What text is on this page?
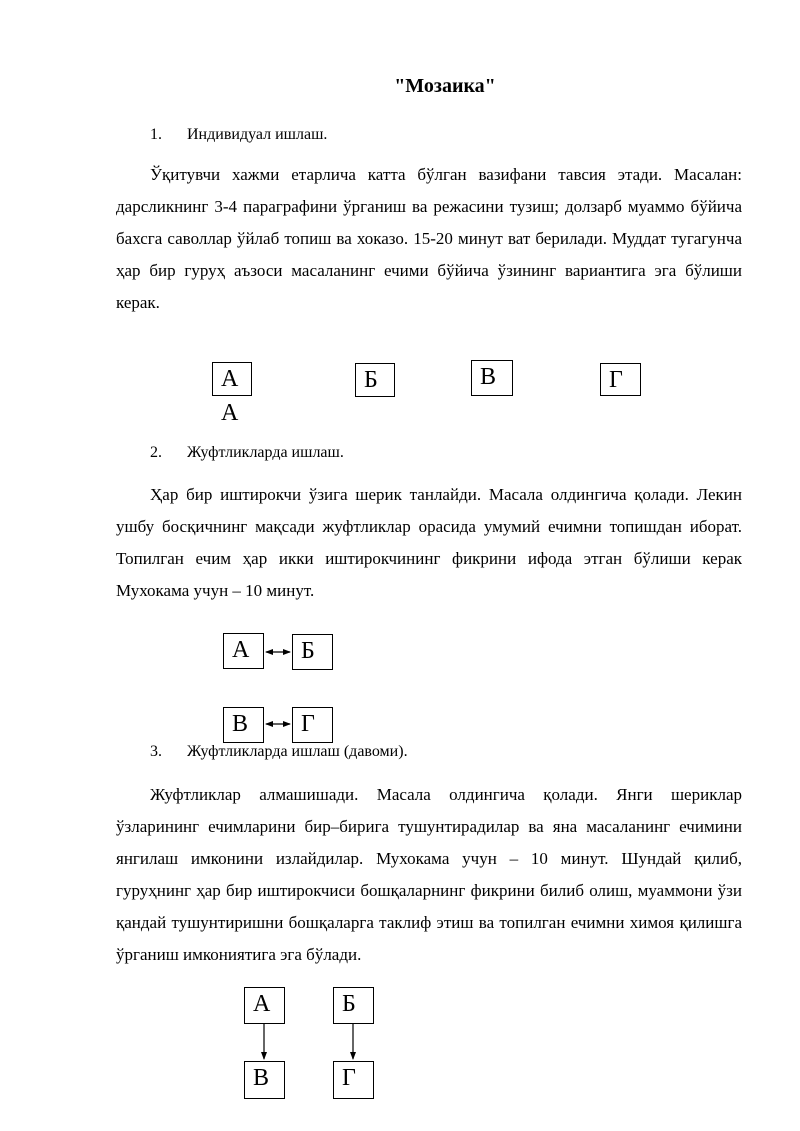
"Мозаика"
1. Индивидуал ишлаш.
Ўқитувчи хажми етарлича катта бўлган вазифани тавсия этади. Масалан: дарсликнинг 3-4 параграфини ўрганиш ва режасини тузиш; долзарб муаммо бўйича бахсга саволлар ўйлаб топиш ва хоказо. 15-20 минут ват берилади. Муддат тугагунча ҳар бир гуруҳ аъзоси масаланинг ечими бўйича ўзининг вариантига эга бўлиши керак.
А	Б	В	Г
А
2. Жуфтликларда ишлаш.
Ҳар бир иштирокчи ўзига шерик танлайди. Масала олдингича қолади. Лекин ушбу босқичнинг мақсади жуфтликлар орасида умумий ечимни топишдан иборат. Топилган ечим ҳар икки иштирокчининг фикрини ифода этган бўлиши керак Мухокама учун – 10 минут.
А	Б
В	Г
3. Жуфтликларда ишлаш (давоми).
Жуфтликлар алмашишади. Масала олдингича қолади. Янги шериклар ўзларининг ечимларини бир–бирига тушунтирадилар ва яна масаланинг ечимини янгилаш имконини излайдилар. Мухокама учун – 10 минут. Шундай қилиб, гуруҳнинг ҳар бир иштирокчиси бошқаларнинг фикрини билиб олиш, муаммони ўзи қандай тушунтиришни бошқаларга таклиф этиш ва топилган ечимни химоя қилишга ўрганиш имкониятига эга бўлади.
А	Б
В	Г
